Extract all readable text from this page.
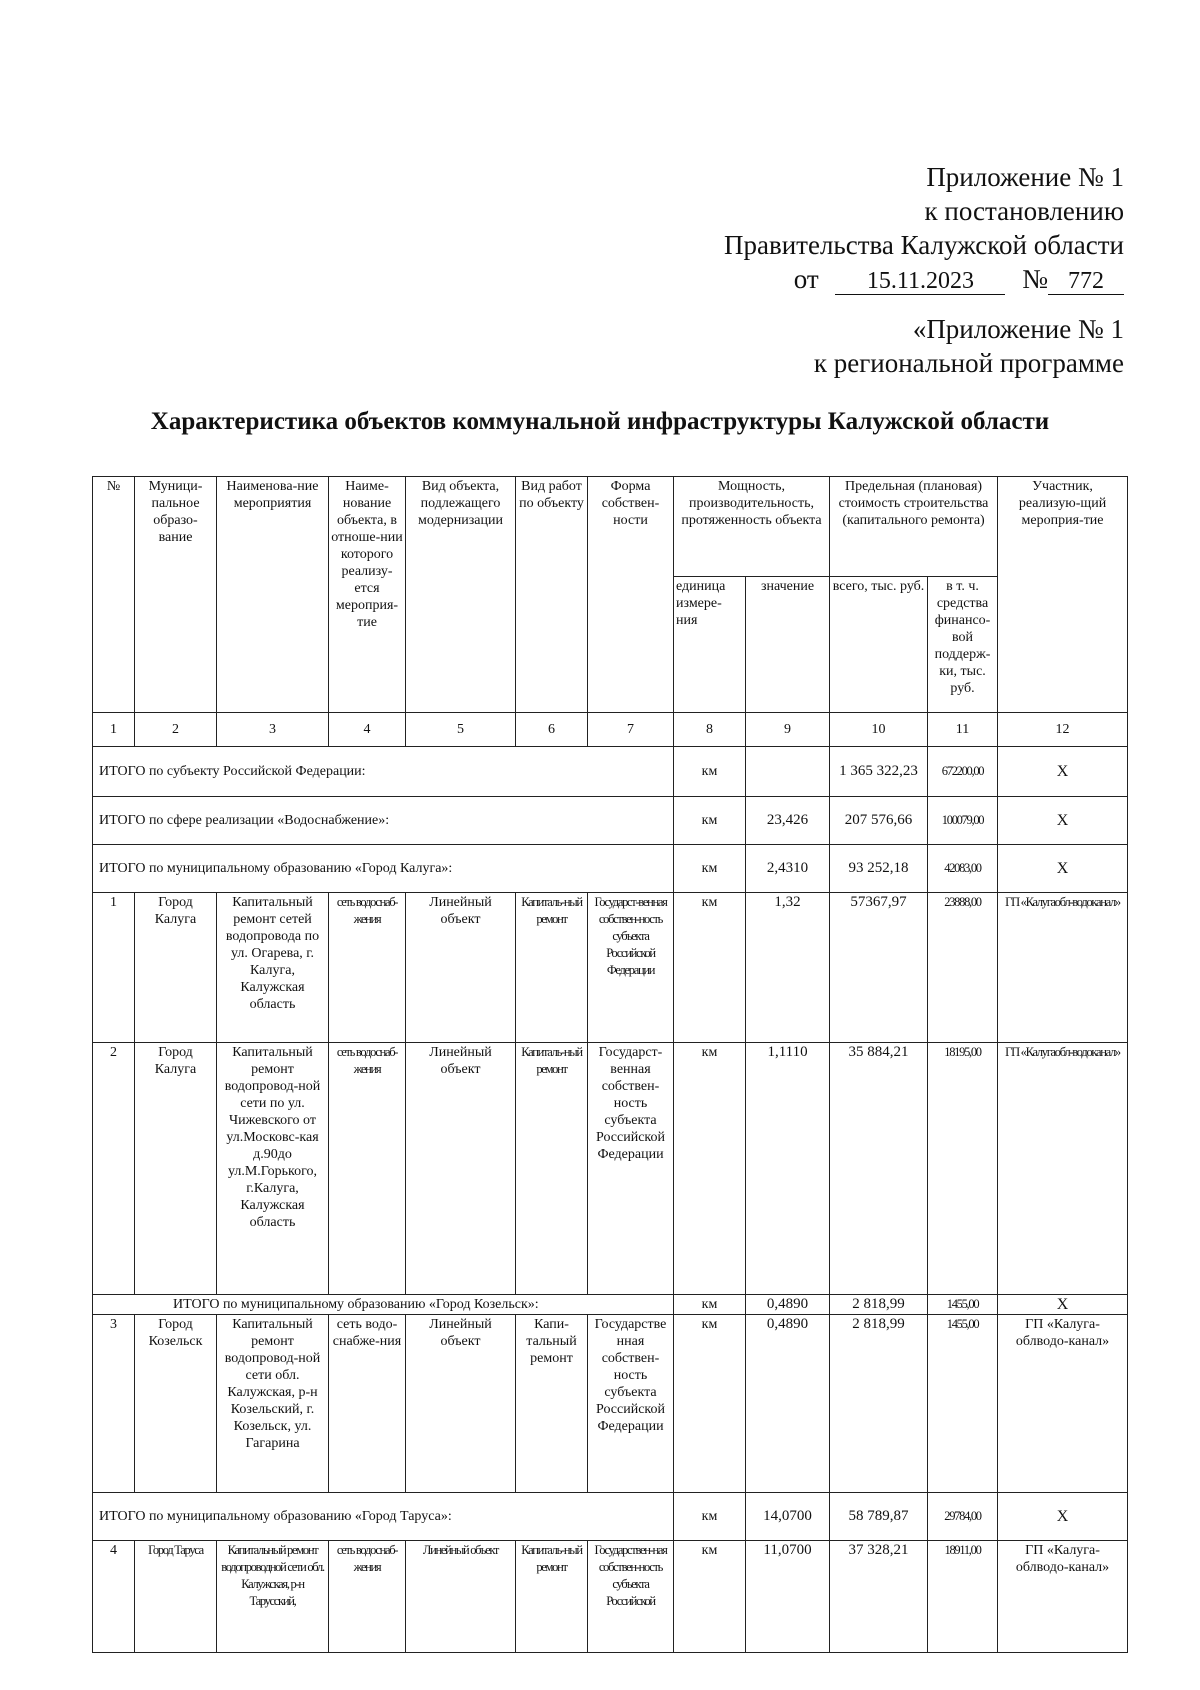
Приложение № 1
к постановлению
Правительства Калужской области
от 15.11.2023 № 772
«Приложение № 1
к региональной программе
Характеристика объектов коммунальной инфраструктуры Калужской области
№	Муници-пальное образо-вание	Наименова-ние мероприятия	Наиме-нование объекта, в отноше-нии которого реализу-ется мероприя-тие	Вид объекта, подлежащего модернизации	Вид работ по объекту	Форма собствен-ности	Мощность, производительность, протяженность объекта		Предельная (плановая) стоимость строительства (капитального ремонта)		Участник, реализую-щий мероприя-тие
							единица измере-ния	значение	всего, тыс. руб.	в т. ч. средства финансо-вой поддерж-ки, тыс. руб.	
1	2	3	4	5	6	7	8	9	10	11	12
ИТОГО по субъекту Российской Федерации:							км		1 365 322,23	672200,00	X
ИТОГО по сфере реализации «Водоснабжение»:							км	23,426	207 576,66	100079,00	X
ИТОГО по муниципальному образованию «Город Калуга»:							км	2,4310	93 252,18	42083,00	X
1	Город Калуга	Капитальный ремонт сетей водопровода по ул. Огарева, г. Калуга, Калужская область	сеть водоснаб-жения	Линейный объект	Капиталь-ный ремонт	Государст-венная собствен-ность субъекта Российской Федерации	км	1,32	57367,97	23888,00	ГП «Калугаобл-водоканал»
2	Город Калуга	Капитальный ремонт водопровод-ной сети по ул. Чижевского от ул.Московс-кая д.90до ул.М.Горького, г.Калуга, Калужская область	сеть водоснаб-жения	Линейный объект	Капиталь-ный ремонт	Государст-венная собствен-ность субъекта Российской Федерации	км	1,1110	35 884,21	18195,00	ГП «Калугаобл-водоканал»
ИТОГО по муниципальному образованию «Город Козельск»:							км	0,4890	2 818,99	1455,00	X
3	Город Козельск	Капитальный ремонт водопровод-ной сети обл. Калужская, р-н Козельский, г. Козельск, ул. Гагарина	сеть водо-снабже-ния	Линейный объект	Капи-тальный ремонт	Государстве нная собствен-ность субъекта Российской Федерации	км	0,4890	2 818,99	1455,00	ГП «Калуга-облводо-канал»
ИТОГО по муниципальному образованию «Город Таруса»:							км	14,0700	58 789,87	29784,00	X
4	Город Таруса	Капитальный ремонт водопроводной сети обл. Калужская, р-н Тарусский,	сеть водоснаб-жения	Линейный объект	Капиталь-ный ремонт	Государствен-ная собствен-ность субъекта Российской	км	11,0700	37 328,21	18911,00	ГП «Калуга-облводо-канал»
